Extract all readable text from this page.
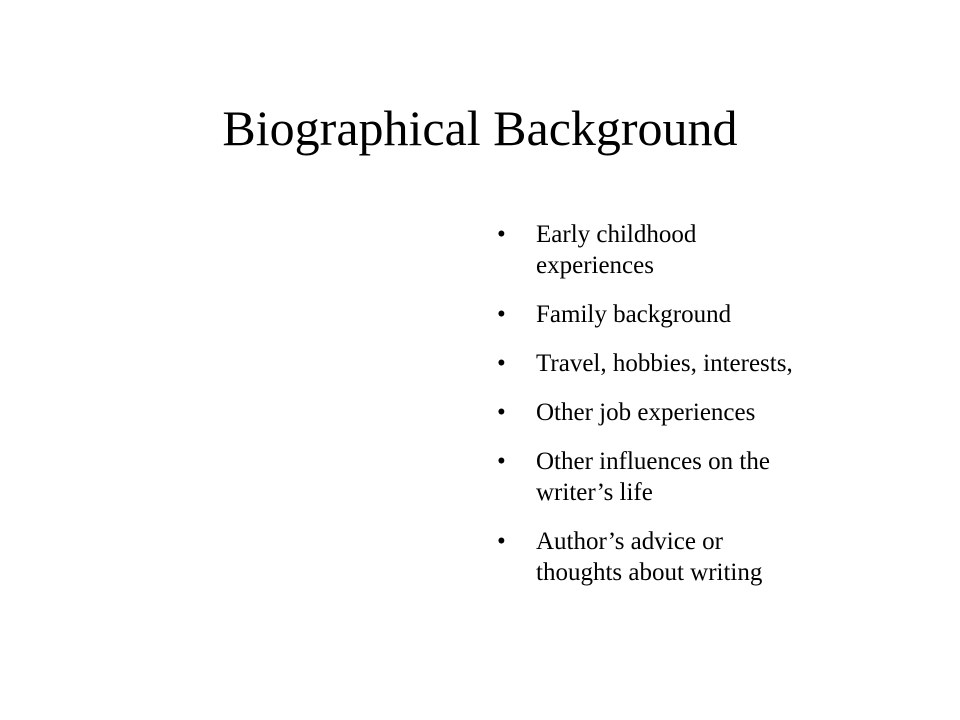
Biographical Background
• Early childhood
experiences
• Family background
• Travel, hobbies, interests,
• Other job experiences
• Other influences on the
writer’s life
• Author’s advice or
thoughts about writing
